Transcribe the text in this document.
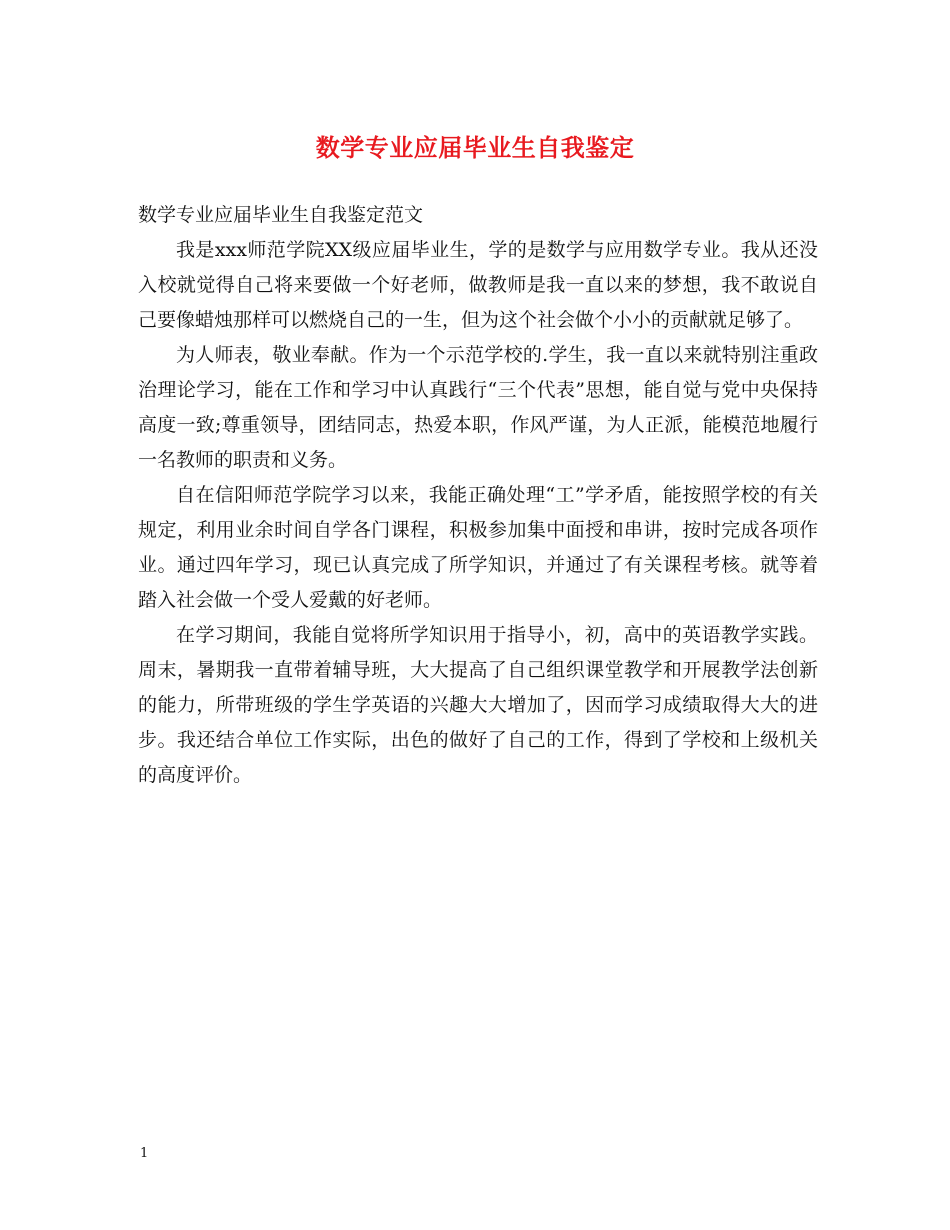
数学专业应届毕业生自我鉴定

数学专业应届毕业生自我鉴定范文

我是xxx师范学院XX级应届毕业生，学的是数学与应用数学专业。我从还没入校就觉得自己将来要做一个好老师，做教师是我一直以来的梦想，我不敢说自己要像蜡烛那样可以燃烧自己的一生，但为这个社会做个小小的贡献就足够了。

为人师表，敬业奉献。作为一个示范学校的.学生，我一直以来就特别注重政治理论学习，能在工作和学习中认真践行“三个代表”思想，能自觉与党中央保持高度一致;尊重领导，团结同志，热爱本职，作风严谨，为人正派，能模范地履行一名教师的职责和义务。

自在信阳师范学院学习以来，我能正确处理“工”学矛盾，能按照学校的有关规定，利用业余时间自学各门课程，积极参加集中面授和串讲，按时完成各项作业。通过四年学习，现已认真完成了所学知识，并通过了有关课程考核。就等着踏入社会做一个受人爱戴的好老师。

在学习期间，我能自觉将所学知识用于指导小，初，高中的英语教学实践。周末，暑期我一直带着辅导班，大大提高了自己组织课堂教学和开展教学法创新的能力，所带班级的学生学英语的兴趣大大增加了，因而学习成绩取得大大的进步。我还结合单位工作实际，出色的做好了自己的工作，得到了学校和上级机关的高度评价。

1
